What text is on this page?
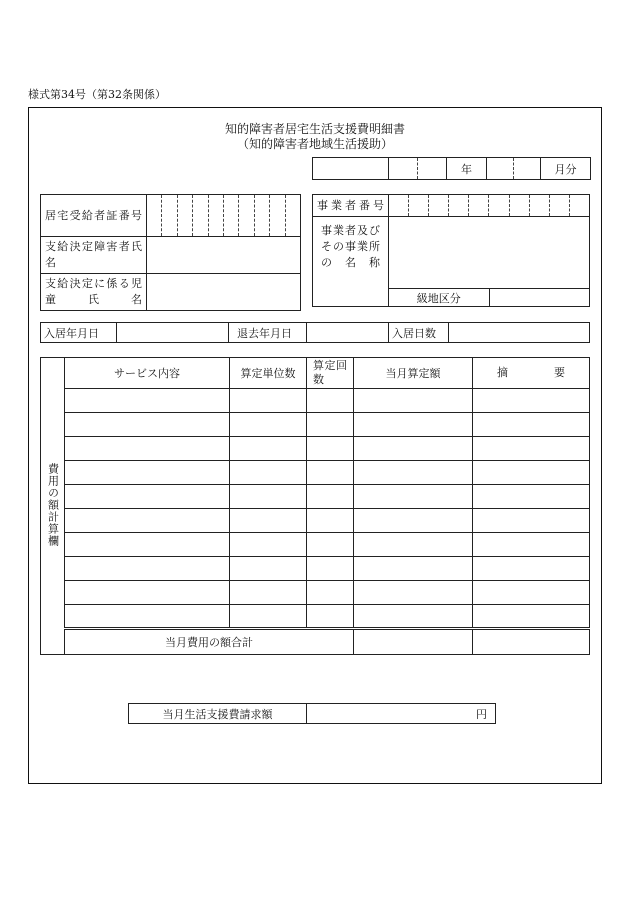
様式第34号（第32条関係）
知的障害者居宅生活支援費明細書
（知的障害者地域生活援助）

	年		月分
居宅受給者証番号	

支給決定障害者氏名	

支給決定に係る児童氏名	

事業者番号		

事業者及びその事業所の名称		

	級地区分	
入居年月日		退去年月日		入居日数	
費用の額計算欄	サービス内容	算定単位数	算定回数	当月算定額	摘要

	当月費用の額合計				
当月生活支援費請求額	円
